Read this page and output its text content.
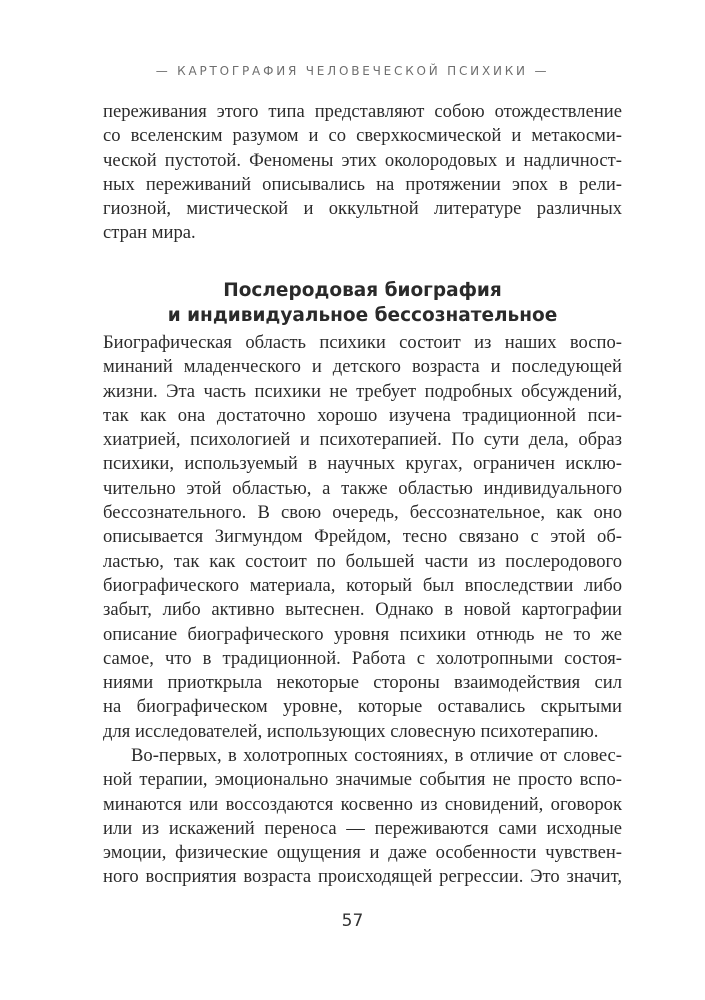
— КАРТОГРАФИЯ ЧЕЛОВЕЧЕСКОЙ ПСИХИКИ —
переживания этого типа представляют собою отождествление
со вселенским разумом и со сверхкосмической и метакосми-
ческой пустотой. Феномены этих околородовых и надличност-
ных переживаний описывались на протяжении эпох в рели-
гиозной, мистической и оккультной литературе различных
стран мира.
Послеродовая биография
и индивидуальное бессознательное
Биографическая область психики состоит из наших воспо-
минаний младенческого и детского возраста и последующей
жизни. Эта часть психики не требует подробных обсуждений,
так как она достаточно хорошо изучена традиционной пси-
хиатрией, психологией и психотерапией. По сути дела, образ
психики, используемый в научных кругах, ограничен исклю-
чительно этой областью, а также областью индивидуального
бессознательного. В свою очередь, бессознательное, как оно
описывается Зигмундом Фрейдом, тесно связано с этой об-
ластью, так как состоит по большей части из послеродового
биографического материала, который был впоследствии либо
забыт, либо активно вытеснен. Однако в новой картографии
описание биографического уровня психики отнюдь не то же
самое, что в традиционной. Работа с холотропными состоя-
ниями приоткрыла некоторые стороны взаимодействия сил
на биографическом уровне, которые оставались скрытыми
для исследователей, использующих словесную психотерапию.
Во-первых, в холотропных состояниях, в отличие от словес-
ной терапии, эмоционально значимые события не просто вспо-
минаются или воссоздаются косвенно из сновидений, оговорок
или из искажений переноса — переживаются сами исходные
эмоции, физические ощущения и даже особенности чувствен-
ного восприятия возраста происходящей регрессии. Это значит,
57
